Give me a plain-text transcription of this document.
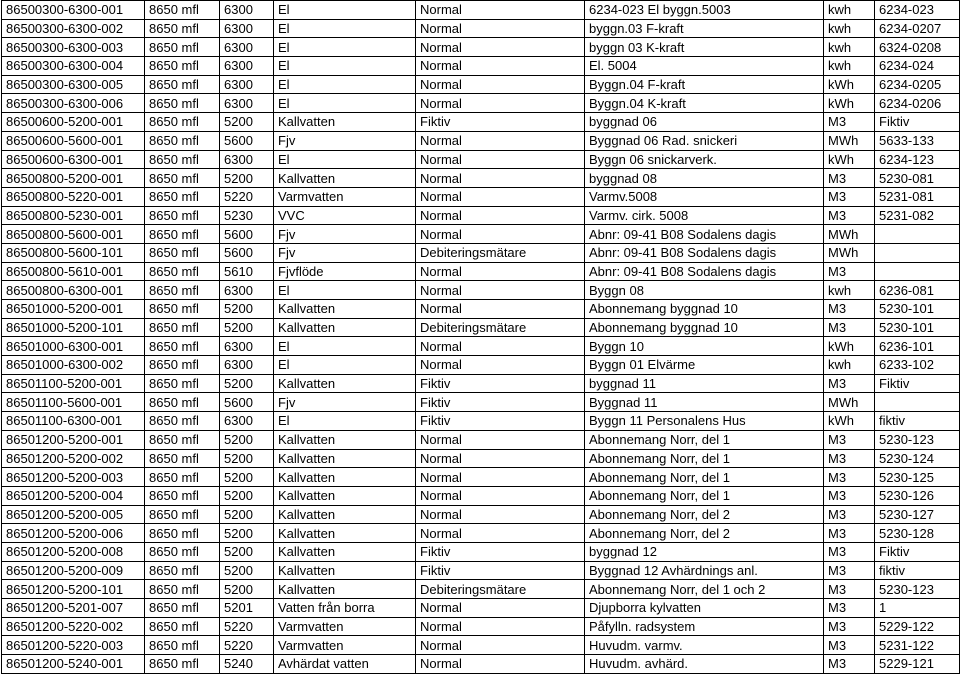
86500300-6300-001	8650 mfl	6300	El	Normal	6234-023 El byggn.5003	kwh	6234-023
86500300-6300-002	8650 mfl	6300	El	Normal	byggn.03 F-kraft	kwh	6234-0207
86500300-6300-003	8650 mfl	6300	El	Normal	byggn 03 K-kraft	kwh	6324-0208
86500300-6300-004	8650 mfl	6300	El	Normal	El. 5004	kwh	6234-024
86500300-6300-005	8650 mfl	6300	El	Normal	Byggn.04 F-kraft	kWh	6234-0205
86500300-6300-006	8650 mfl	6300	El	Normal	Byggn.04 K-kraft	kWh	6234-0206
86500600-5200-001	8650 mfl	5200	Kallvatten	Fiktiv	byggnad 06	M3	Fiktiv
86500600-5600-001	8650 mfl	5600	Fjv	Normal	Byggnad 06 Rad. snickeri	MWh	5633-133
86500600-6300-001	8650 mfl	6300	El	Normal	Byggn 06 snickarverk.	kWh	6234-123
86500800-5200-001	8650 mfl	5200	Kallvatten	Normal	byggnad 08	M3	5230-081
86500800-5220-001	8650 mfl	5220	Varmvatten	Normal	Varmv.5008	M3	5231-081
86500800-5230-001	8650 mfl	5230	VVC	Normal	Varmv. cirk. 5008	M3	5231-082
86500800-5600-001	8650 mfl	5600	Fjv	Normal	Abnr: 09-41 B08 Sodalens dagis	MWh	
86500800-5600-101	8650 mfl	5600	Fjv	Debiteringsmätare	Abnr: 09-41 B08 Sodalens dagis	MWh	
86500800-5610-001	8650 mfl	5610	Fjvflöde	Normal	Abnr: 09-41 B08 Sodalens dagis	M3	
86500800-6300-001	8650 mfl	6300	El	Normal	Byggn 08	kwh	6236-081
86501000-5200-001	8650 mfl	5200	Kallvatten	Normal	Abonnemang byggnad 10	M3	5230-101
86501000-5200-101	8650 mfl	5200	Kallvatten	Debiteringsmätare	Abonnemang byggnad 10	M3	5230-101
86501000-6300-001	8650 mfl	6300	El	Normal	Byggn 10	kWh	6236-101
86501000-6300-002	8650 mfl	6300	El	Normal	Byggn 01 Elvärme	kwh	6233-102
86501100-5200-001	8650 mfl	5200	Kallvatten	Fiktiv	byggnad 11	M3	Fiktiv
86501100-5600-001	8650 mfl	5600	Fjv	Fiktiv	Byggnad 11	MWh	
86501100-6300-001	8650 mfl	6300	El	Fiktiv	Byggn 11 Personalens Hus	kWh	fiktiv
86501200-5200-001	8650 mfl	5200	Kallvatten	Normal	Abonnemang Norr, del 1	M3	5230-123
86501200-5200-002	8650 mfl	5200	Kallvatten	Normal	Abonnemang Norr, del 1	M3	5230-124
86501200-5200-003	8650 mfl	5200	Kallvatten	Normal	Abonnemang Norr, del 1	M3	5230-125
86501200-5200-004	8650 mfl	5200	Kallvatten	Normal	Abonnemang Norr, del 1	M3	5230-126
86501200-5200-005	8650 mfl	5200	Kallvatten	Normal	Abonnemang Norr, del 2	M3	5230-127
86501200-5200-006	8650 mfl	5200	Kallvatten	Normal	Abonnemang Norr, del 2	M3	5230-128
86501200-5200-008	8650 mfl	5200	Kallvatten	Fiktiv	byggnad 12	M3	Fiktiv
86501200-5200-009	8650 mfl	5200	Kallvatten	Fiktiv	Byggnad 12 Avhärdnings anl.	M3	fiktiv
86501200-5200-101	8650 mfl	5200	Kallvatten	Debiteringsmätare	Abonnemang Norr, del 1 och 2	M3	5230-123
86501200-5201-007	8650 mfl	5201	Vatten från borra	Normal	Djupborra kylvatten	M3	1
86501200-5220-002	8650 mfl	5220	Varmvatten	Normal	Påfylln. radsystem	M3	5229-122
86501200-5220-003	8650 mfl	5220	Varmvatten	Normal	Huvudm. varmv.	M3	5231-122
86501200-5240-001	8650 mfl	5240	Avhärdat vatten	Normal	Huvudm. avhärd.	M3	5229-121
